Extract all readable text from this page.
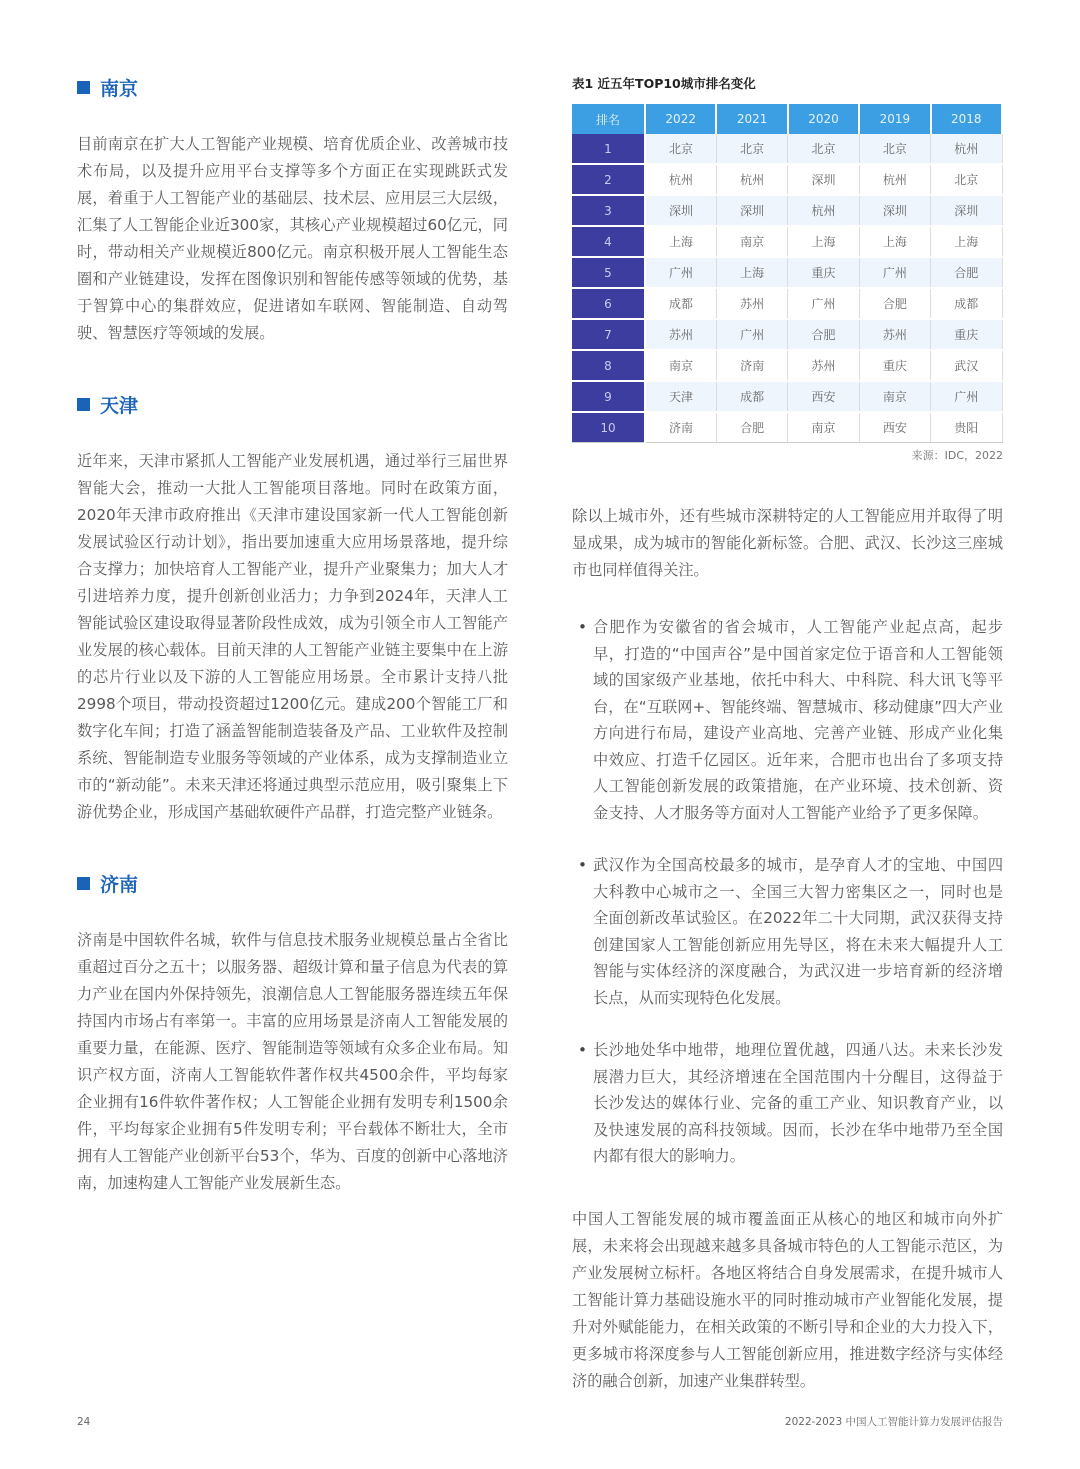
南京

目前南京在扩大人工智能产业规模、培育优质企业、改善城市技术布局，以及提升应用平台支撑等多个方面正在实现跳跃式发展，着重于人工智能产业的基础层、技术层、应用层三大层级，汇集了人工智能企业近300家，其核心产业规模超过60亿元，同时，带动相关产业规模近800亿元。南京积极开展人工智能生态圈和产业链建设，发挥在图像识别和智能传感等领域的优势，基于智算中心的集群效应，促进诸如车联网、智能制造、自动驾驶、智慧医疗等领域的发展。

天津

近年来，天津市紧抓人工智能产业发展机遇，通过举行三届世界智能大会，推动一大批人工智能项目落地。同时在政策方面，2020年天津市政府推出《天津市建设国家新一代人工智能创新发展试验区行动计划》，指出要加速重大应用场景落地，提升综合支撑力；加快培育人工智能产业，提升产业聚集力；加大人才引进培养力度，提升创新创业活力；力争到2024年，天津人工智能试验区建设取得显著阶段性成效，成为引领全市人工智能产业发展的核心载体。目前天津的人工智能产业链主要集中在上游的芯片行业以及下游的人工智能应用场景。全市累计支持八批2998个项目，带动投资超过1200亿元。建成200个智能工厂和数字化车间；打造了涵盖智能制造装备及产品、工业软件及控制系统、智能制造专业服务等领域的产业体系，成为支撑制造业立市的“新动能”。未来天津还将通过典型示范应用，吸引聚集上下游优势企业，形成国产基础软硬件产品群，打造完整产业链条。

济南

济南是中国软件名城，软件与信息技术服务业规模总量占全省比重超过百分之五十；以服务器、超级计算和量子信息为代表的算力产业在国内外保持领先，浪潮信息人工智能服务器连续五年保持国内市场占有率第一。丰富的应用场景是济南人工智能发展的重要力量，在能源、医疗、智能制造等领域有众多企业布局。知识产权方面，济南人工智能软件著作权共4500余件，平均每家企业拥有16件软件著作权；人工智能企业拥有发明专利1500余件，平均每家企业拥有5件发明专利；平台载体不断壮大，全市拥有人工智能产业创新平台53个，华为、百度的创新中心落地济南，加速构建人工智能产业发展新生态。

表1 近五年TOP10城市排名变化
排名	2022	2021	2020	2019	2018
1	北京	北京	北京	北京	杭州
2	杭州	杭州	深圳	杭州	北京
3	深圳	深圳	杭州	深圳	深圳
4	上海	南京	上海	上海	上海
5	广州	上海	重庆	广州	合肥
6	成都	苏州	广州	合肥	成都
7	苏州	广州	合肥	苏州	重庆
8	南京	济南	苏州	重庆	武汉
9	天津	成都	西安	南京	广州
10	济南	合肥	南京	西安	贵阳
来源：IDC，2022

除以上城市外，还有些城市深耕特定的人工智能应用并取得了明显成果，成为城市的智能化新标签。合肥、武汉、长沙这三座城市也同样值得关注。

• 合肥作为安徽省的省会城市，人工智能产业起点高，起步早，打造的“中国声谷”是中国首家定位于语音和人工智能领域的国家级产业基地，依托中科大、中科院、科大讯飞等平台，在“互联网+、智能终端、智慧城市、移动健康”四大产业方向进行布局，建设产业高地、完善产业链、形成产业化集中效应、打造千亿园区。近年来，合肥市也出台了多项支持人工智能创新发展的政策措施，在产业环境、技术创新、资金支持、人才服务等方面对人工智能产业给予了更多保障。
• 武汉作为全国高校最多的城市，是孕育人才的宝地、中国四大科教中心城市之一、全国三大智力密集区之一，同时也是全面创新改革试验区。在2022年二十大同期，武汉获得支持创建国家人工智能创新应用先导区，将在未来大幅提升人工智能与实体经济的深度融合，为武汉进一步培育新的经济增长点，从而实现特色化发展。
• 长沙地处华中地带，地理位置优越，四通八达。未来长沙发展潜力巨大，其经济增速在全国范围内十分醒目，这得益于长沙发达的媒体行业、完备的重工产业、知识教育产业，以及快速发展的高科技领域。因而，长沙在华中地带乃至全国内都有很大的影响力。

中国人工智能发展的城市覆盖面正从核心的地区和城市向外扩展，未来将会出现越来越多具备城市特色的人工智能示范区，为产业发展树立标杆。各地区将结合自身发展需求，在提升城市人工智能计算力基础设施水平的同时推动城市产业智能化发展，提升对外赋能能力，在相关政策的不断引导和企业的大力投入下，更多城市将深度参与人工智能创新应用，推进数字经济与实体经济的融合创新，加速产业集群转型。

24	2022-2023 中国人工智能计算力发展评估报告
